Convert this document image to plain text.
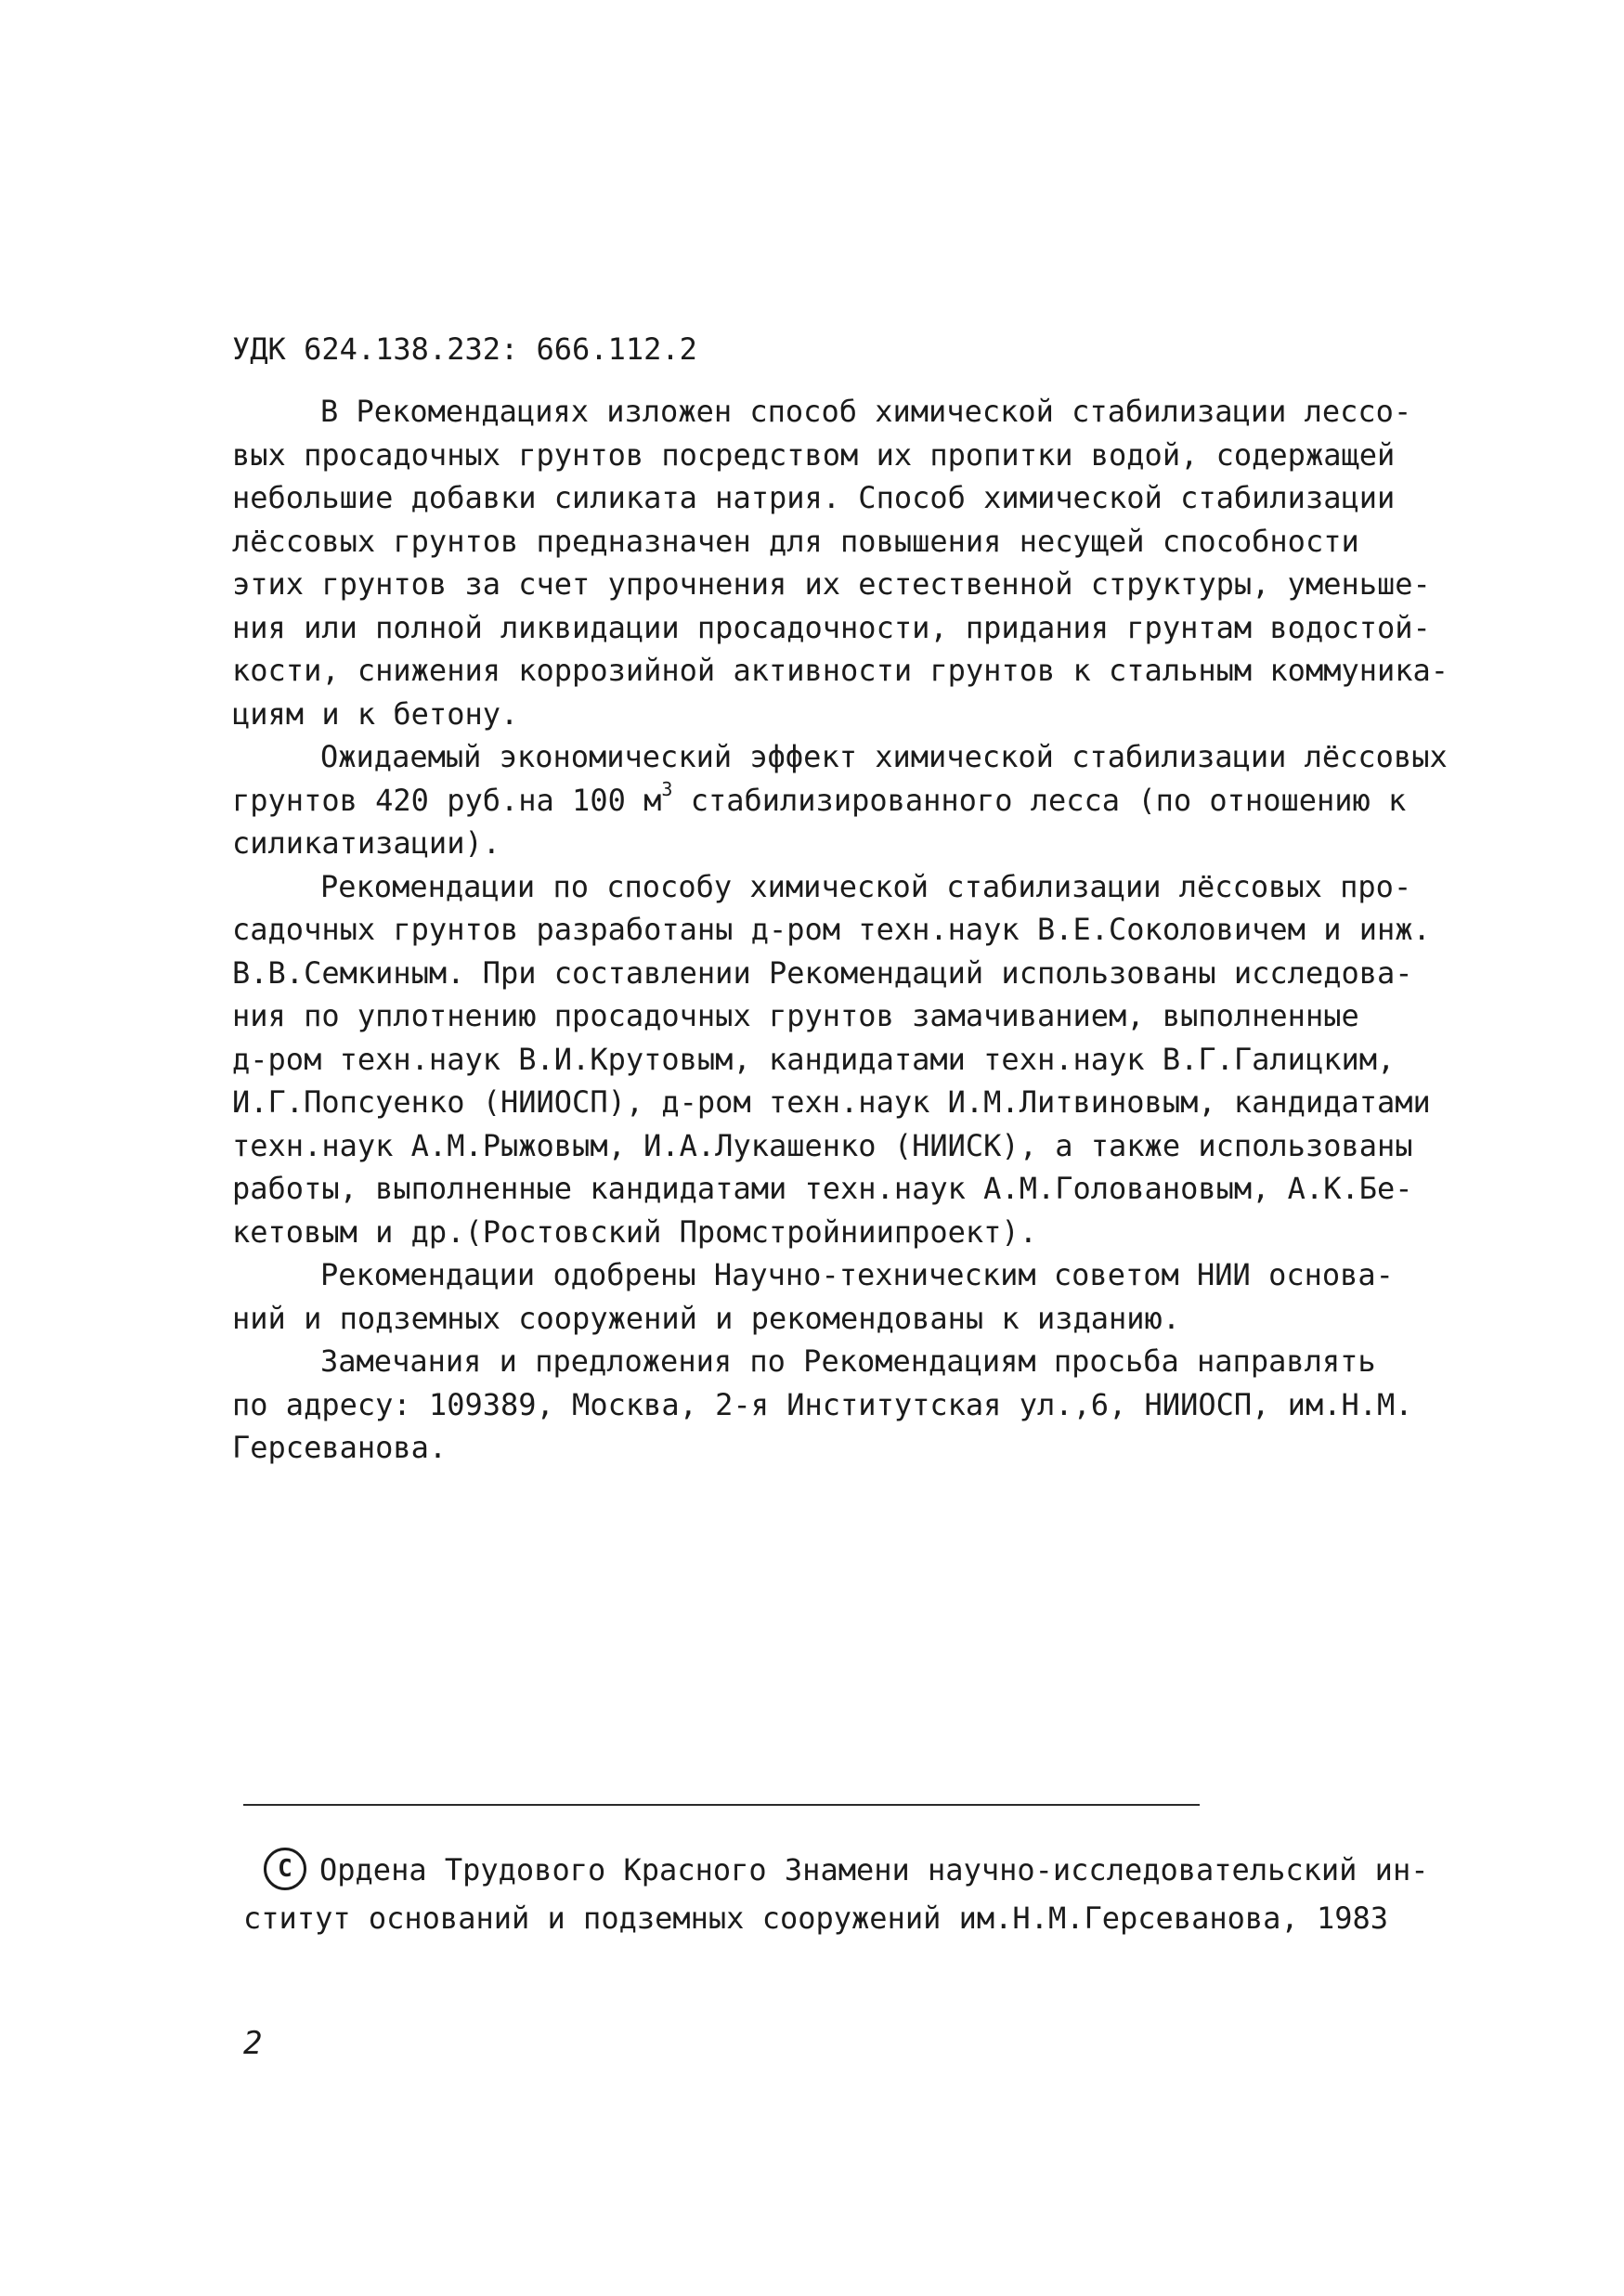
УДК 624.138.232: 666.112.2

В Рекомендациях изложен способ химической стабилизации лессо-
вых просадочных грунтов посредством их пропитки водой, содержащей
небольшие добавки силиката натрия. Способ химической стабилизации
лёссовых грунтов предназначен для повышения несущей способности
этих грунтов за счет упрочнения их естественной структуры, уменьше-
ния или полной ликвидации просадочности, придания грунтам водостой-
кости, снижения коррозийной активности грунтов к стальным коммуника-
циям и к бетону.

Ожидаемый экономический эффект химической стабилизации лёссовых
грунтов 420 руб.на 100 $м^3$ стабилизированного лесса (по отношению к
силикатизации).

Рекомендации по способу химической стабилизации лёссовых про-
садочных грунтов разработаны д-ром техн.наук В.Е.Соколовичем и инж.
В.В.Семкиным. При составлении Рекомендаций использованы исследова-
ния по уплотнению просадочных грунтов замачиванием, выполненные
д-ром техн.наук В.И.Крутовым, кандидатами техн.наук В.Г.Галицким,
И.Г.Попсуенко (НИИОСП), д-ром техн.наук И.М.Литвиновым, кандидатами
техн.наук А.М.Рыжовым, И.А.Лукашенко (НИИСК), а также использованы
работы, выполненные кандидатами техн.наук А.М.Головановым, А.К.Бе-
кетовым и др.(Ростовский Промстройниипроект).

Рекомендации одобрены Научно-техническим советом НИИ основа-
ний и подземных сооружений и рекомендованы к изданию.

Замечания и предложения по Рекомендациям просьба направлять
по адресу: 109389, Москва, 2-я Институтская ул.,6, НИИОСП, им.Н.М.
Герсеванова.

С Ордена Трудового Красного Знамени научно-исследовательский ин-
ститут оснований и подземных сооружений им.Н.М.Герсеванова, 1983
2
